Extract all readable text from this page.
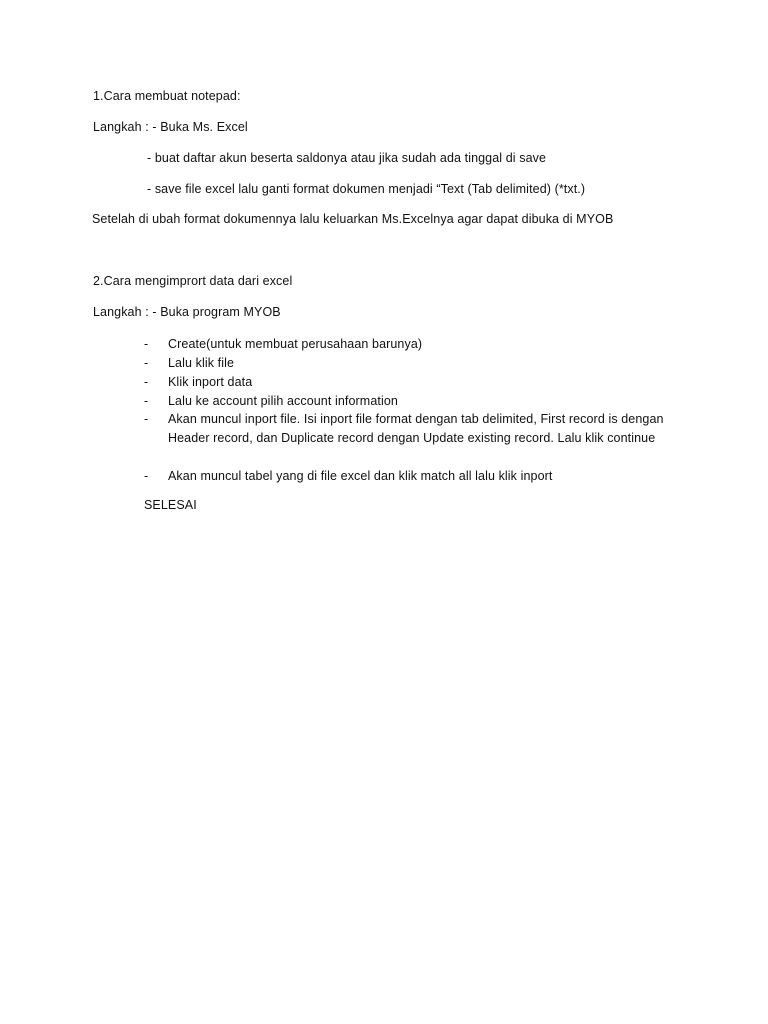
1.Cara membuat notepad:
Langkah : - Buka Ms. Excel
- buat daftar akun beserta saldonya atau jika sudah ada tinggal di save
- save file excel lalu ganti format dokumen menjadi “Text (Tab delimited) (*txt.)
Setelah di ubah format dokumennya lalu keluarkan Ms.Excelnya agar dapat dibuka di MYOB
2.Cara mengimprort data dari excel
Langkah : - Buka program MYOB
- Create(untuk membuat perusahaan barunya)
- Lalu klik file
- Klik inport data
- Lalu ke account pilih account information
- Akan muncul inport file. Isi inport file format dengan tab delimited, First record is dengan Header record, dan Duplicate record dengan Update existing record. Lalu klik continue
- Akan muncul tabel yang di file excel dan klik match all lalu klik inport
SELESAI
